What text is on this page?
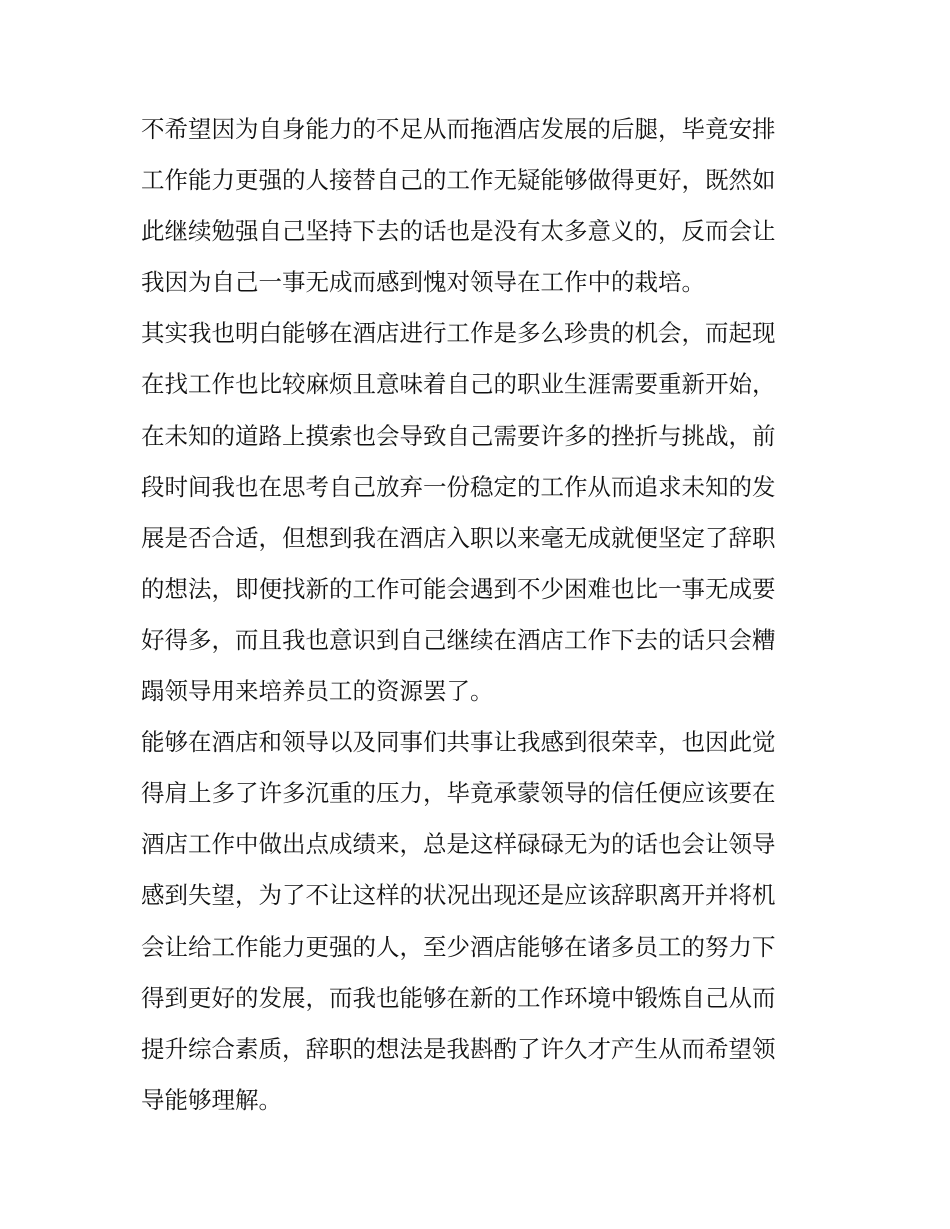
不希望因为自身能力的不足从而拖酒店发展的后腿，毕竟安排
工作能力更强的人接替自己的工作无疑能够做得更好，既然如
此继续勉强自己坚持下去的话也是没有太多意义的，反而会让
我因为自己一事无成而感到愧对领导在工作中的栽培。
其实我也明白能够在酒店进行工作是多么珍贵的机会，而起现
在找工作也比较麻烦且意味着自己的职业生涯需要重新开始，
在未知的道路上摸索也会导致自己需要许多的挫折与挑战，前
段时间我也在思考自己放弃一份稳定的工作从而追求未知的发
展是否合适，但想到我在酒店入职以来毫无成就便坚定了辞职
的想法，即便找新的工作可能会遇到不少困难也比一事无成要
好得多，而且我也意识到自己继续在酒店工作下去的话只会糟
蹋领导用来培养员工的资源罢了。
能够在酒店和领导以及同事们共事让我感到很荣幸，也因此觉
得肩上多了许多沉重的压力，毕竟承蒙领导的信任便应该要在
酒店工作中做出点成绩来，总是这样碌碌无为的话也会让领导
感到失望，为了不让这样的状况出现还是应该辞职离开并将机
会让给工作能力更强的人，至少酒店能够在诸多员工的努力下
得到更好的发展，而我也能够在新的工作环境中锻炼自己从而
提升综合素质，辞职的想法是我斟酌了许久才产生从而希望领
导能够理解。
